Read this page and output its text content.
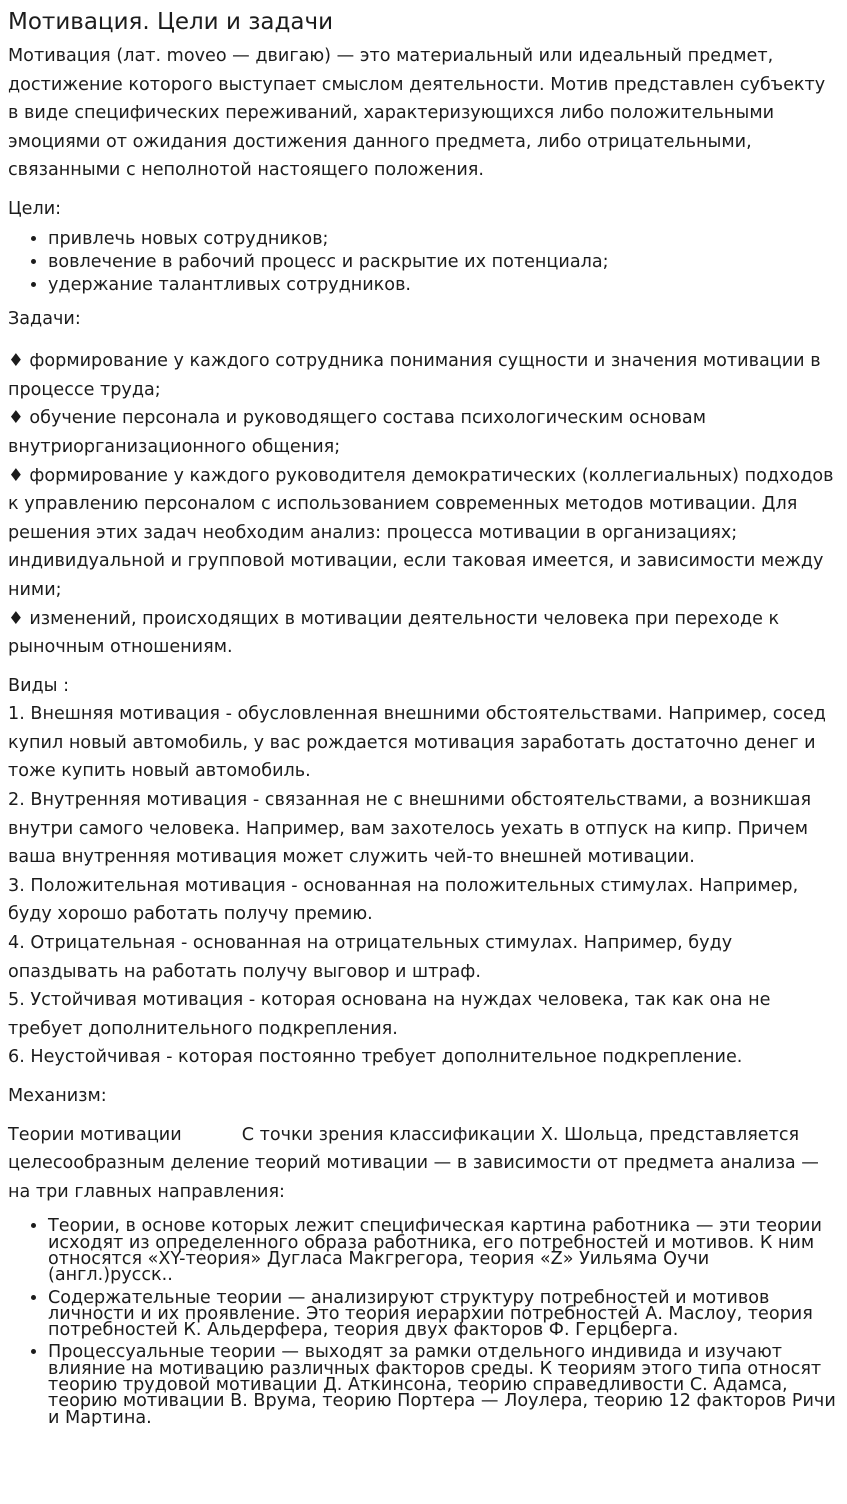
Мотивация. Цели и задачи

Мотивация (лат. moveo — двигаю) — это материальный или идеальный предмет, достижение которого выступает смыслом деятельности. Мотив представлен субъекту в виде специфических переживаний, характеризующихся либо положительными эмоциями от ожидания достижения данного предмета, либо отрицательными, связанными с неполнотой настоящего положения.

Цели:

• привлечь новых сотрудников;
• вовлечение в рабочий процесс и раскрытие их потенциала;
• удержание талантливых сотрудников.

Задачи:

♦ формирование у каждого сотрудника понимания сущности и значения мотивации в процессе труда;

♦ обучение персонала и руководящего состава психологическим основам внутриорганизационного общения;

♦ формирование у каждого руководителя демократических (коллегиальных) подходов к управлению персоналом с использованием современных методов мотивации. Для решения этих задач необходим анализ: процесса мотивации в организациях; индивидуальной и групповой мотивации, если таковая имеется, и зависимости между ними;

♦ изменений, происходящих в мотивации деятельности человека при переходе к рыночным отношениям.

Виды :

1. Внешняя мотивация - обусловленная внешними обстоятельствами. Например, сосед купил новый автомобиль, у вас рождается мотивация заработать достаточно денег и тоже купить новый автомобиль.

2. Внутренняя мотивация - связанная не с внешними обстоятельствами, а возникшая внутри самого человека. Например, вам захотелось уехать в отпуск на кипр. Причем ваша внутренняя мотивация может служить чей-то внешней мотивации.

3. Положительная мотивация - основанная на положительных стимулах. Например, буду хорошо работать получу премию.

4. Отрицательная - основанная на отрицательных стимулах. Например, буду опаздывать на работать получу выговор и штраф.

5. Устойчивая мотивация - которая основана на нуждах человека, так как она не требует дополнительного подкрепления.

6. Неустойчивая - которая постоянно требует дополнительное подкрепление.

Механизм:

Теории мотивации	С точки зрения классификации Х. Шольца, представляется целесообразным деление теорий мотивации — в зависимости от предмета анализа — на три главных направления:

• Теории, в основе которых лежит специфическая картина работника — эти теории исходят из определенного образа работника, его потребностей и мотивов. К ним относятся «XY-теория» Дугласа Макгрегора, теория «Z» Уильяма Оучи (англ.)русск..
• Содержательные теории — анализируют структуру потребностей и мотивов личности и их проявление. Это теория иерархии потребностей А. Маслоу, теория потребностей К. Альдерфера, теория двух факторов Ф. Герцберга.
• Процессуальные теории — выходят за рамки отдельного индивида и изучают влияние на мотивацию различных факторов среды. К теориям этого типа относят теорию трудовой мотивации Д. Аткинсона, теорию справедливости С. Адамса, теорию мотивации В. Врума, теорию Портера — Лоулера, теорию 12 факторов Ричи и Мартина.
